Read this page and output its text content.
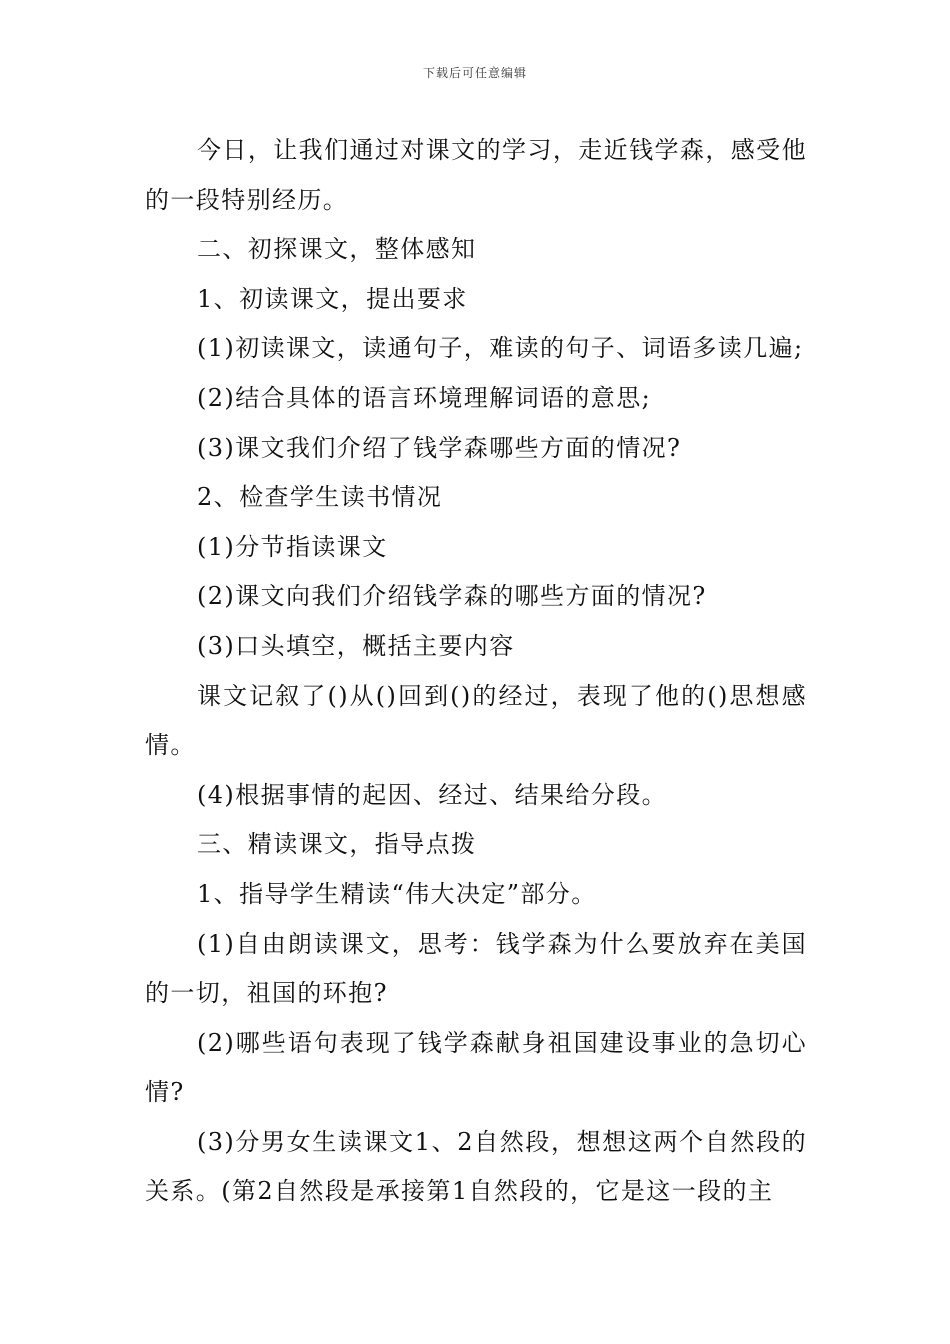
下载后可任意编辑

今日，让我们通过对课文的学习，走近钱学森，感受他的一段特别经历。

二、初探课文，整体感知

1、初读课文，提出要求

(1)初读课文，读通句子，难读的句子、词语多读几遍;

(2)结合具体的语言环境理解词语的意思;

(3)课文我们介绍了钱学森哪些方面的情况?

2、检查学生读书情况

(1)分节指读课文

(2)课文向我们介绍钱学森的哪些方面的情况?

(3)口头填空，概括主要内容

课文记叙了()从()回到()的经过，表现了他的()思想感情。

(4)根据事情的起因、经过、结果给分段。

三、精读课文，指导点拨

1、指导学生精读“伟大决定”部分。

(1)自由朗读课文，思考：钱学森为什么要放弃在美国的一切，祖国的环抱?

(2)哪些语句表现了钱学森献身祖国建设事业的急切心情?

(3)分男女生读课文1、2自然段，想想这两个自然段的关系。(第2自然段是承接第1自然段的，它是这一段的主
